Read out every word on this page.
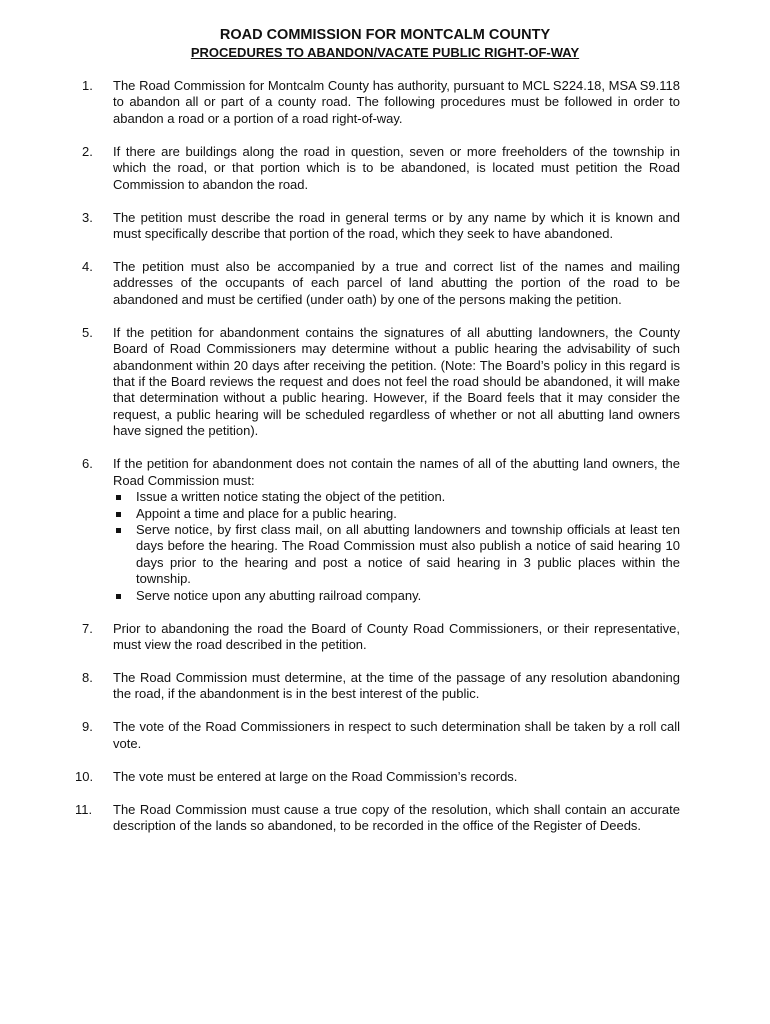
ROAD COMMISSION FOR MONTCALM COUNTY
PROCEDURES TO ABANDON/VACATE PUBLIC RIGHT-OF-WAY
1.	The Road Commission for Montcalm County has authority, pursuant to MCL S224.18, MSA S9.118 to abandon all or part of a county road. The following procedures must be followed in order to abandon a road or a portion of a road right-of-way.
2.	If there are buildings along the road in question, seven or more freeholders of the township in which the road, or that portion which is to be abandoned, is located must petition the Road Commission to abandon the road.
3.	The petition must describe the road in general terms or by any name by which it is known and must specifically describe that portion of the road, which they seek to have abandoned.
4.	The petition must also be accompanied by a true and correct list of the names and mailing addresses of the occupants of each parcel of land abutting the portion of the road to be abandoned and must be certified (under oath) by one of the persons making the petition.
5.	If the petition for abandonment contains the signatures of all abutting landowners, the County Board of Road Commissioners may determine without a public hearing the advisability of such abandonment within 20 days after receiving the petition. (Note: The Board’s policy in this regard is that if the Board reviews the request and does not feel the road should be abandoned, it will make that determination without a public hearing. However, if the Board feels that it may consider the request, a public hearing will be scheduled regardless of whether or not all abutting land owners have signed the petition).
6.	If the petition for abandonment does not contain the names of all of the abutting land owners, the Road Commission must:
Issue a written notice stating the object of the petition.
Appoint a time and place for a public hearing.
Serve notice, by first class mail, on all abutting landowners and township officials at least ten days before the hearing. The Road Commission must also publish a notice of said hearing 10 days prior to the hearing and post a notice of said hearing in 3 public places within the township.
Serve notice upon any abutting railroad company.
7.	Prior to abandoning the road the Board of County Road Commissioners, or their representative, must view the road described in the petition.
8.	The Road Commission must determine, at the time of the passage of any resolution abandoning the road, if the abandonment is in the best interest of the public.
9.	The vote of the Road Commissioners in respect to such determination shall be taken by a roll call vote.
10.	The vote must be entered at large on the Road Commission’s records.
11.	The Road Commission must cause a true copy of the resolution, which shall contain an accurate description of the lands so abandoned, to be recorded in the office of the Register of Deeds.
